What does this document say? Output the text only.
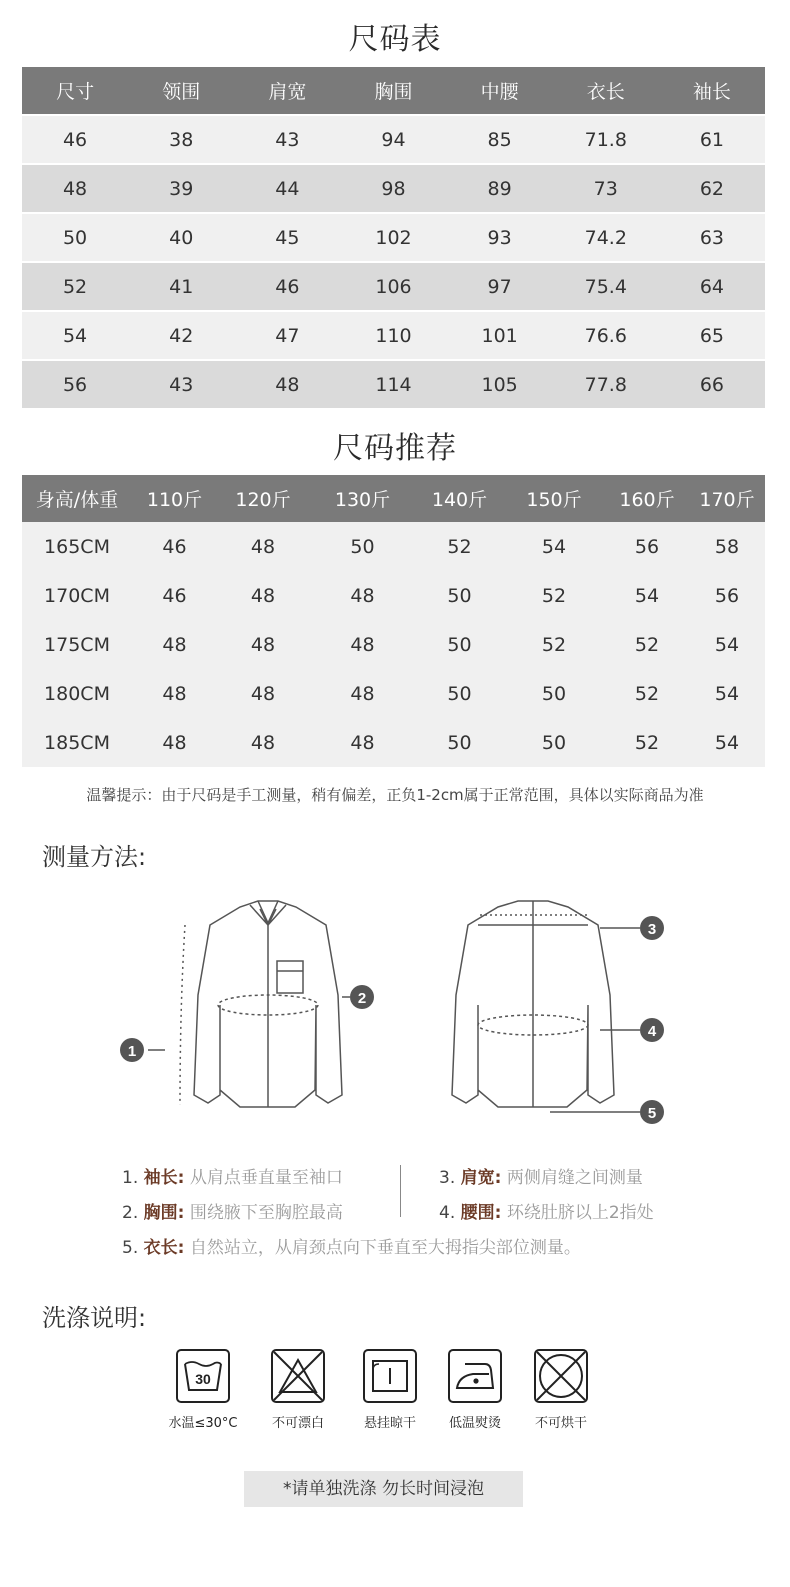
尺码表
尺寸	领围	肩宽	胸围	中腰	衣长	袖长
46	38	43	94	85	71.8	61
48	39	44	98	89	73	62
50	40	45	102	93	74.2	63
52	41	46	106	97	75.4	64
54	42	47	110	101	76.6	65
56	43	48	114	105	77.8	66
尺码推荐
身高/体重	110斤	120斤	130斤	140斤	150斤	160斤	170斤
165CM	46	48	50	52	54	56	58
170CM	46	48	48	50	52	54	56
175CM	48	48	48	50	52	52	54
180CM	48	48	48	50	50	52	54
185CM	48	48	48	50	50	52	54
温馨提示：由于尺码是手工测量，稍有偏差，正负1-2cm属于正常范围，具体以实际商品为准
测量方法:
1
2
3
4
5
1. 袖长: 从肩点垂直量至袖口	3. 肩宽: 两侧肩缝之间测量
2. 胸围: 围绕腋下至胸腔最高	4. 腰围: 环绕肚脐以上2指处
5. 衣长: 自然站立，从肩颈点向下垂直至大拇指尖部位测量。
洗涤说明:
30
水温≤30°C	不可漂白	悬挂晾干	低温熨烫	不可烘干
*请单独洗涤 勿长时间浸泡
